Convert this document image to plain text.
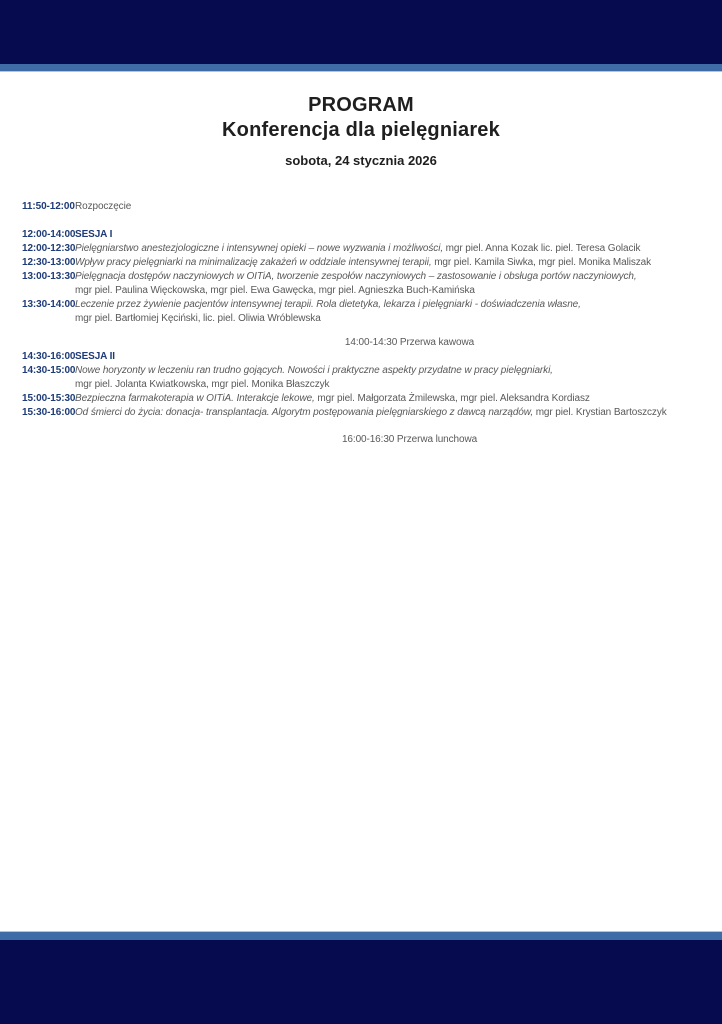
PROGRAM
Konferencja dla pielęgniarek
sobota, 24 stycznia 2026
11:50-12:00 Rozpoczęcie
12:00-14:00 SESJA I
12:00-12:30 Pielęgniarstwo anestezjologiczne i intensywnej opieki – nowe wyzwania i możliwości, mgr piel. Anna Kozak lic. piel. Teresa Golacik
12:30-13:00 Wpływ pracy pielęgniarki na minimalizację zakażeń w oddziale intensywnej terapii, mgr piel. Kamila Siwka, mgr piel. Monika Maliszak
13:00-13:30 Pielęgnacja dostępów naczyniowych w OITiA, tworzenie zespołów naczyniowych – zastosowanie i obsługa portów naczyniowych,
mgr piel. Paulina Więckowska, mgr piel. Ewa Gawęcka, mgr piel. Agnieszka Buch-Kamińska
13:30-14:00 Leczenie przez żywienie pacjentów intensywnej terapii. Rola dietetyka, lekarza i pielęgniarki - doświadczenia własne,
mgr piel. Bartłomiej Kęciński, lic. piel. Oliwia Wróblewska
14:00-14:30 Przerwa kawowa
14:30-16:00 SESJA II
14:30-15:00 Nowe horyzonty w leczeniu ran trudno gojących. Nowości i praktyczne aspekty przydatne w pracy pielęgniarki,
mgr piel. Jolanta Kwiatkowska, mgr piel. Monika Błaszczyk
15:00-15:30 Bezpieczna farmakoterapia w OITiA. Interakcje lekowe, mgr piel. Małgorzata Żmilewska, mgr piel. Aleksandra Kordiasz
15:30-16:00 Od śmierci do życia: donacja- transplantacja. Algorytm postępowania pielęgniarskiego z dawcą narządów, mgr piel. Krystian Bartoszczyk
16:00-16:30 Przerwa lunchowa
